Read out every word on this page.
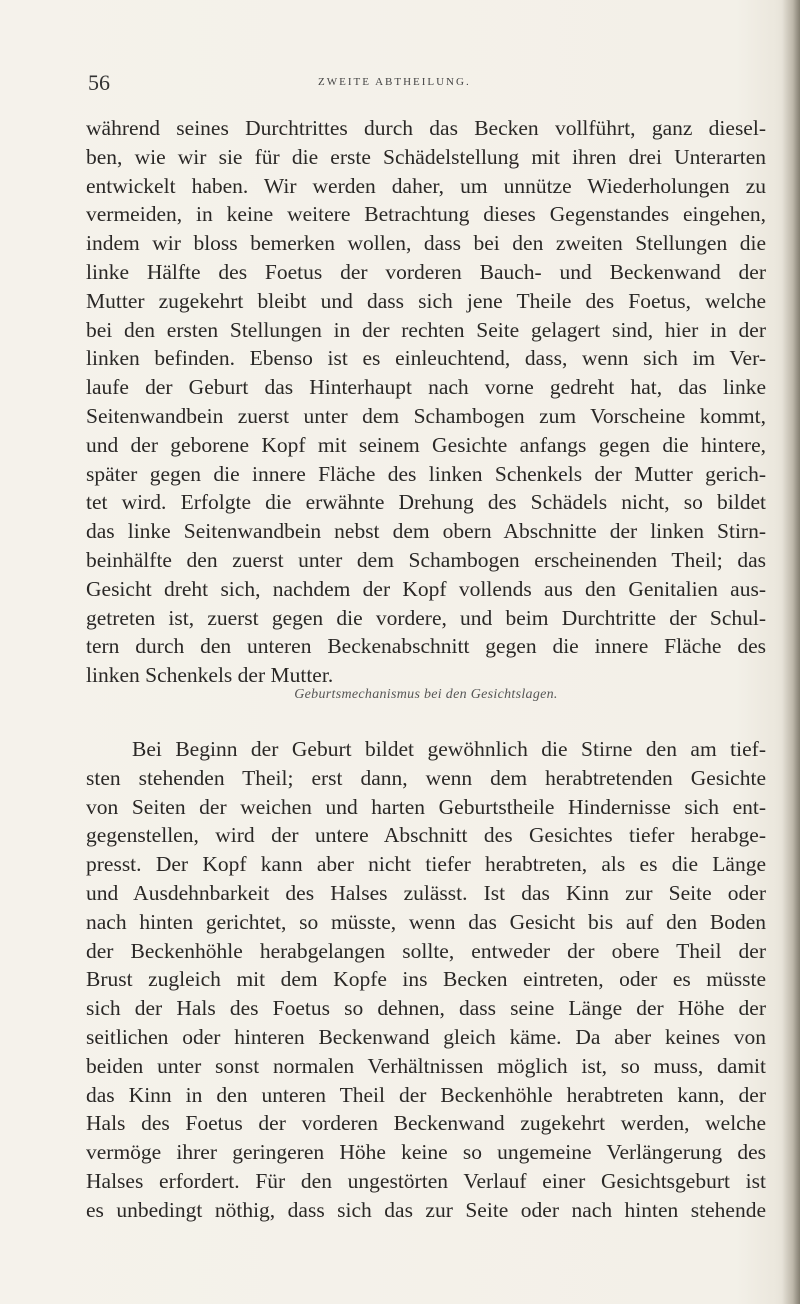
56	ZWEITE ABTHEILUNG.
während seines Durchtrittes durch das Becken vollführt, ganz diesel-
ben, wie wir sie für die erste Schädelstellung mit ihren drei Unterarten
entwickelt haben. Wir werden daher, um unnütze Wiederholungen zu
vermeiden, in keine weitere Betrachtung dieses Gegenstandes eingehen,
indem wir bloss bemerken wollen, dass bei den zweiten Stellungen die
linke Hälfte des Foetus der vorderen Bauch- und Beckenwand der
Mutter zugekehrt bleibt und dass sich jene Theile des Foetus, welche
bei den ersten Stellungen in der rechten Seite gelagert sind, hier in der
linken befinden. Ebenso ist es einleuchtend, dass, wenn sich im Ver-
laufe der Geburt das Hinterhaupt nach vorne gedreht hat, das linke
Seitenwandbein zuerst unter dem Schambogen zum Vorscheine kommt,
und der geborene Kopf mit seinem Gesichte anfangs gegen die hintere,
später gegen die innere Fläche des linken Schenkels der Mutter gerich-
tet wird. Erfolgte die erwähnte Drehung des Schädels nicht, so bildet
das linke Seitenwandbein nebst dem obern Abschnitte der linken Stirn-
beinhälfte den zuerst unter dem Schambogen erscheinenden Theil; das
Gesicht dreht sich, nachdem der Kopf vollends aus den Genitalien aus-
getreten ist, zuerst gegen die vordere, und beim Durchtritte der Schul-
tern durch den unteren Beckenabschnitt gegen die innere Fläche des
linken Schenkels der Mutter.
Geburtsmechanismus bei den Gesichtslagen.
Bei Beginn der Geburt bildet gewöhnlich die Stirne den am tief-
sten stehenden Theil; erst dann, wenn dem herabtretenden Gesichte
von Seiten der weichen und harten Geburtstheile Hindernisse sich ent-
gegenstellen, wird der untere Abschnitt des Gesichtes tiefer herabge-
presst. Der Kopf kann aber nicht tiefer herabtreten, als es die Länge
und Ausdehnbarkeit des Halses zulässt. Ist das Kinn zur Seite oder
nach hinten gerichtet, so müsste, wenn das Gesicht bis auf den Boden
der Beckenhöhle herabgelangen sollte, entweder der obere Theil der
Brust zugleich mit dem Kopfe ins Becken eintreten, oder es müsste
sich der Hals des Foetus so dehnen, dass seine Länge der Höhe der
seitlichen oder hinteren Beckenwand gleich käme. Da aber keines von
beiden unter sonst normalen Verhältnissen möglich ist, so muss, damit
das Kinn in den unteren Theil der Beckenhöhle herabtreten kann, der
Hals des Foetus der vorderen Beckenwand zugekehrt werden, welche
vermöge ihrer geringeren Höhe keine so ungemeine Verlängerung des
Halses erfordert. Für den ungestörten Verlauf einer Gesichtsgeburt ist
es unbedingt nöthig, dass sich das zur Seite oder nach hinten stehende
